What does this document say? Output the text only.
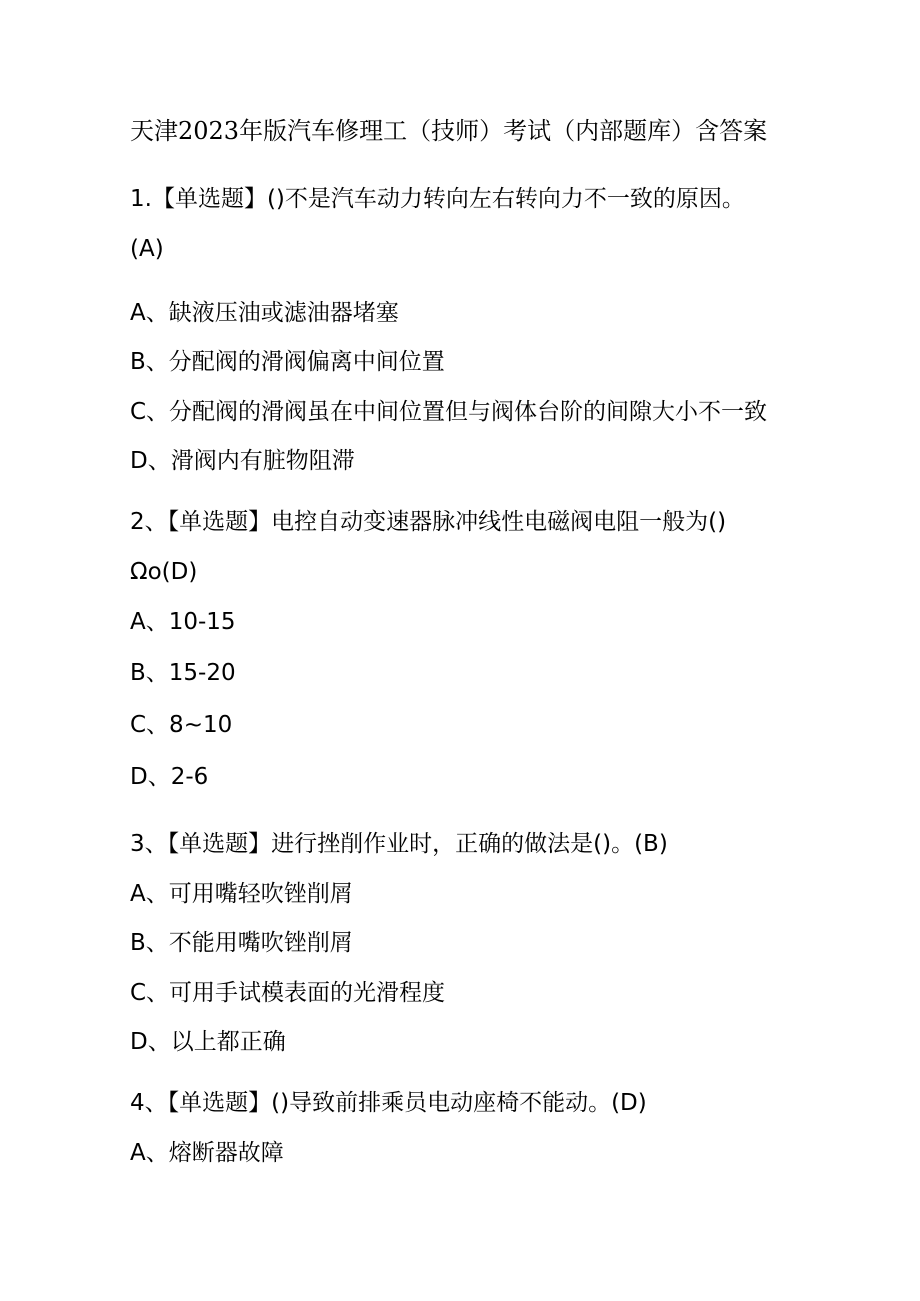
天津2023年版汽车修理工（技师）考试（内部题库）含答案
1.【单选题】()不是汽车动力转向左右转向力不一致的原因。
(A)
A、缺液压油或滤油器堵塞
B、分配阀的滑阀偏离中间位置
C、分配阀的滑阀虽在中间位置但与阀体台阶的间隙大小不一致
D、滑阀内有脏物阻滞
2、【单选题】电控自动变速器脉冲线性电磁阀电阻一般为()
Ωo(D)
A、10-15
B、15-20
C、8~10
D、2-6
3、【单选题】进行挫削作业时，正确的做法是()。(B)
A、可用嘴轻吹锉削屑
B、不能用嘴吹锉削屑
C、可用手试模表面的光滑程度
D、以上都正确
4、【单选题】()导致前排乘员电动座椅不能动。(D)
A、熔断器故障
